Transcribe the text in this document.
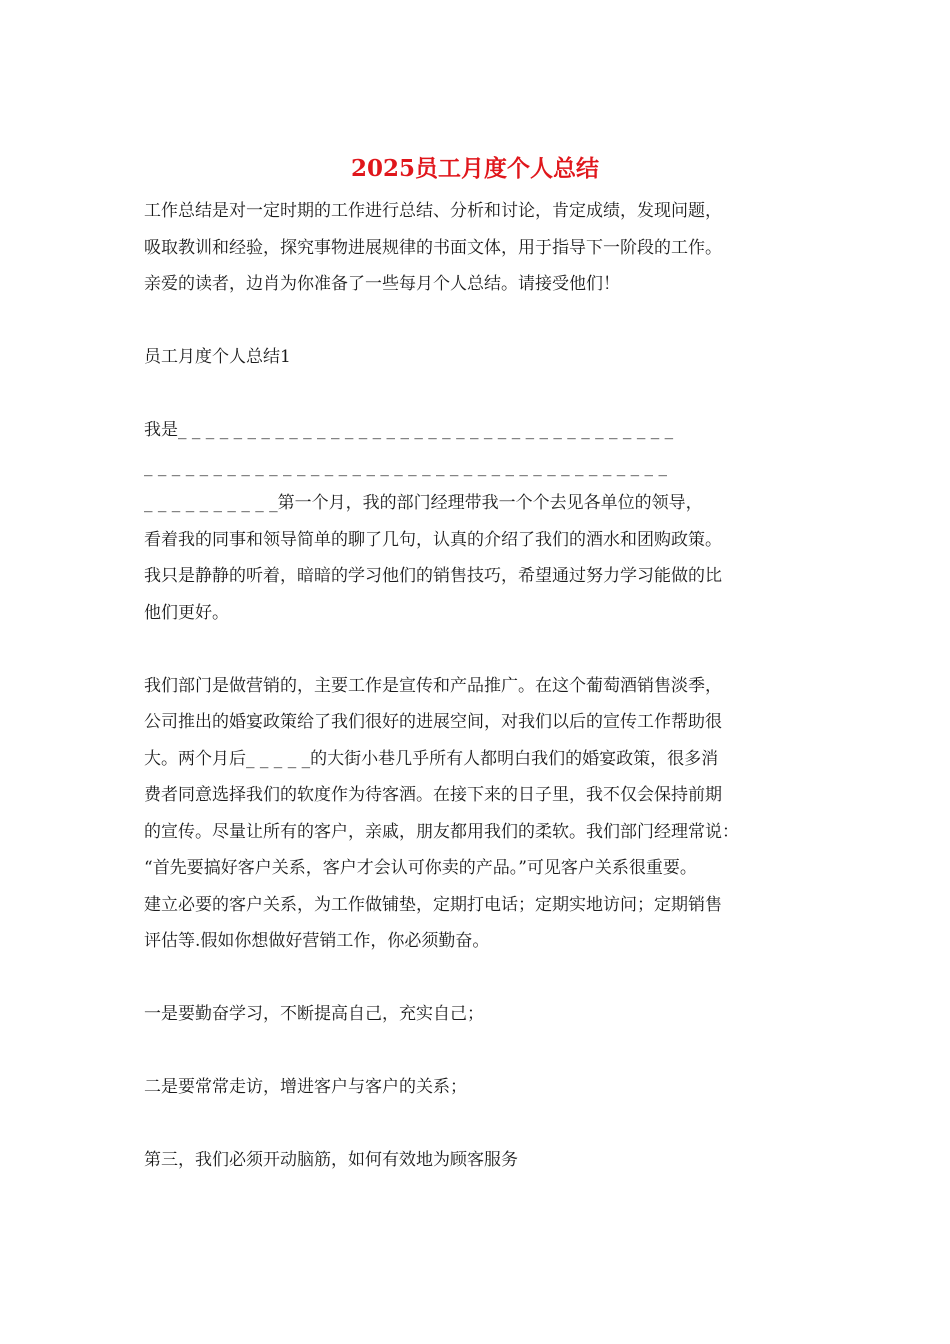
2025员工月度个人总结

工作总结是对一定时期的工作进行总结、分析和讨论，肯定成绩，发现问题，

吸取教训和经验，探究事物进展规律的书面文体，用于指导下一阶段的工作。

亲爱的读者，边肖为你准备了一些每月个人总结。请接受他们！

员工月度个人总结1

我是_ _ _ _ _ _ _ _ _ _ _ _ _ _ _ _ _ _ _ _ _ _ _ _ _ _ _ _ _ _ _ _ _ _ _ _

_ _ _ _ _ _ _ _ _ _ _ _ _ _ _ _ _ _ _ _ _ _ _ _ _ _ _ _ _ _ _ _ _ _ _ _ _ _

_ _ _ _ _ _ _ _ _ _第一个月，我的部门经理带我一个个去见各单位的领导，

看着我的同事和领导简单的聊了几句，认真的介绍了我们的酒水和团购政策。

我只是静静的听着，暗暗的学习他们的销售技巧，希望通过努力学习能做的比

他们更好。

我们部门是做营销的，主要工作是宣传和产品推广。在这个葡萄酒销售淡季，

公司推出的婚宴政策给了我们很好的进展空间，对我们以后的宣传工作帮助很

大。两个月后_ _ _ _ _的大街小巷几乎所有人都明白我们的婚宴政策，很多消

费者同意选择我们的软度作为待客酒。在接下来的日子里，我不仅会保持前期

的宣传。尽量让所有的客户，亲戚，朋友都用我们的柔软。我们部门经理常说：

“首先要搞好客户关系，客户才会认可你卖的产品。”可见客户关系很重要。

建立必要的客户关系，为工作做铺垫，定期打电话；定期实地访问；定期销售

评估等.假如你想做好营销工作，你必须勤奋。

一是要勤奋学习，不断提高自己，充实自己；

二是要常常走访，增进客户与客户的关系；

第三，我们必须开动脑筋，如何有效地为顾客服务
